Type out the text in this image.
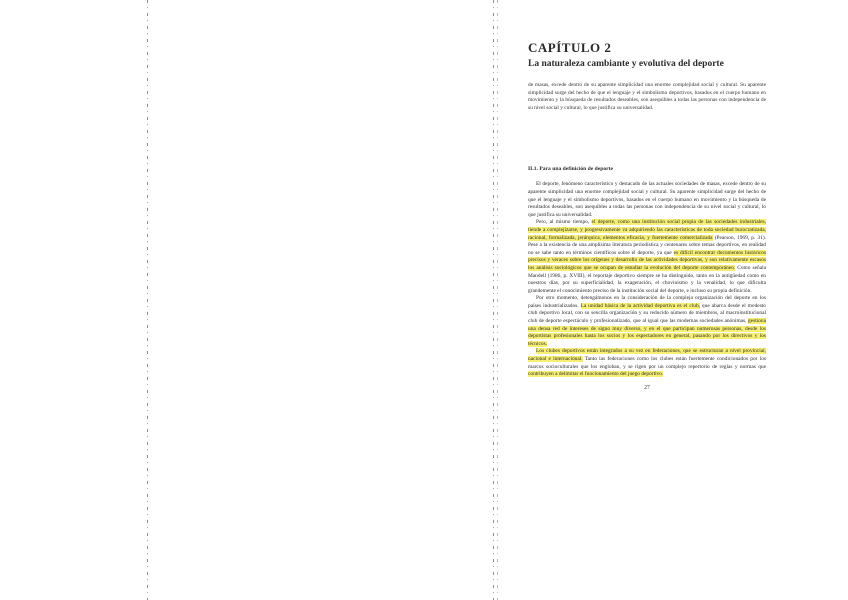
CAPÍTULO 2
La naturaleza cambiante y evolutiva del deporte
de masas, excede dentro de su aparente simplicidad una enorme complejidad social y cultural. Su aparente simplicidad surge del hecho de que el lenguaje y el simbolismo deportivos, basados en el cuerpo humano en movimiento y la búsqueda de resultados deseables, son asequibles a todas las personas con independencia de su nivel social y cultural, lo que justifica su universalidad.
II.1. Para una definición de deporte

El deporte, fenómeno característico y destacado de las actuales sociedades de masas, excede dentro de su aparente simplicidad una enorme complejidad social y cultural. Su aparente simplicidad surge del hecho de que el lenguaje y el simbolismo deportivos, basados en el cuerpo humano en movimiento y la búsqueda de resultados deseables, son asequibles a todas las personas con independencia de su nivel social y cultural, lo que justifica su universalidad.

Pero, al mismo tiempo, el deporte, como una institución social propia de las sociedades industriales, tiende a complejizarse, y progresivamente va adquiriendo las características de toda sociedad burocratizada, racional, formalizada, jerárquica, elementos eficacia, y fuertemente comercializada (Pearson, 1969, p. 31). Pese a la existencia de una amplísima literatura periodística y centenares sobre temas deportivos, en realidad no se sabe tanto en términos científicos sobre el deporte, ya que es difícil encontrar documentos históricos precisos y veraces sobre los orígenes y desarrollo de las actividades deportivas, y son relativamente escasos los análisis sociológicos que se ocupan de estudiar la evolución del deporte contemporáneo. Como señala Mandell (1986, p. XVIII), el reportaje deportivo siempre se ha distinguido, tanto en la antigüedad como en nuestros días, por su superficialidad, la exageración, el chovinismo y la venalidad, lo que dificulta grandemente el conocimiento preciso de la institución social del deporte, e incluso su propia definición.

Por otro momento, detengámonos en la consideración de la compleja organización del deporte en los países industrializados. La unidad básica de la actividad deportiva es el club, que abarca desde el modesto club deportivo local, con su sencilla organización y su reducido número de miembros, al macroinstitucional club de deporte espectáculo y profesionalizado, que al igual que las modernas sociedades anónimas, gestiona una densa red de intereses de signo muy diverso, y en el que participan numerosas personas, desde los deportistas profesionales hasta los socios y los espectadores en general, pasando por los directivos y los técnicos.

Los clubes deportivos están integrados a su vez en federaciones, que se estructuran a nivel provincial, nacional e internacional. Tanto las federaciones como los clubes están fuertemente condicionados por los marcos socioculturales que los engloban, y se rigen por un complejo repertorio de reglas y normas que contribuyen a delimitar el funcionamiento del juego deportivo.

27
